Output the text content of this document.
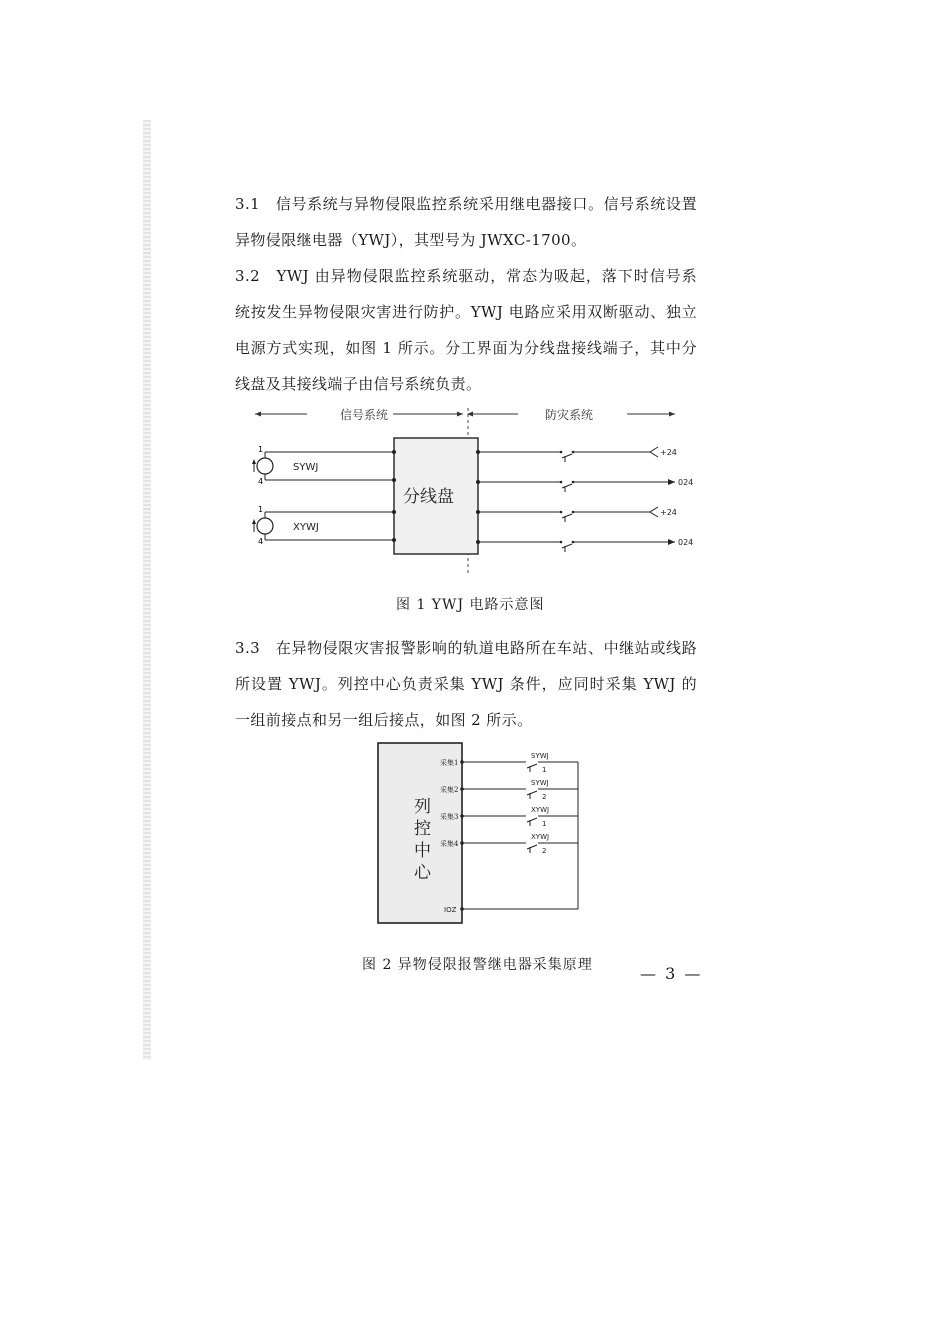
3.1　信号系统与异物侵限监控系统采用继电器接口。信号系统设置异物侵限继电器（YWJ），其型号为 JWXC-1700。

3.2　YWJ 由异物侵限监控系统驱动，常态为吸起，落下时信号系统按发生异物侵限灾害进行防护。YWJ 电路应采用双断驱动、独立电源方式实现，如图 1 所示。分工界面为分线盘接线端子，其中分线盘及其接线端子由信号系统负责。

信号系统	防灾系统
分线盘
1
4
SYWJ
1
4
XYWJ
+24
024
+24
024

图 1 YWJ 电路示意图

3.3　在异物侵限灾害报警影响的轨道电路所在车站、中继站或线路所设置 YWJ。列控中心负责采集 YWJ 条件，应同时采集 YWJ 的一组前接点和另一组后接点，如图 2 所示。

列
控
中
心
采集1
采集2
采集3
采集4
IOZ
SYWJ
1
SYWJ
2
XYWJ
1
XYWJ
2

图 2 异物侵限报警继电器采集原理	— 3 —
